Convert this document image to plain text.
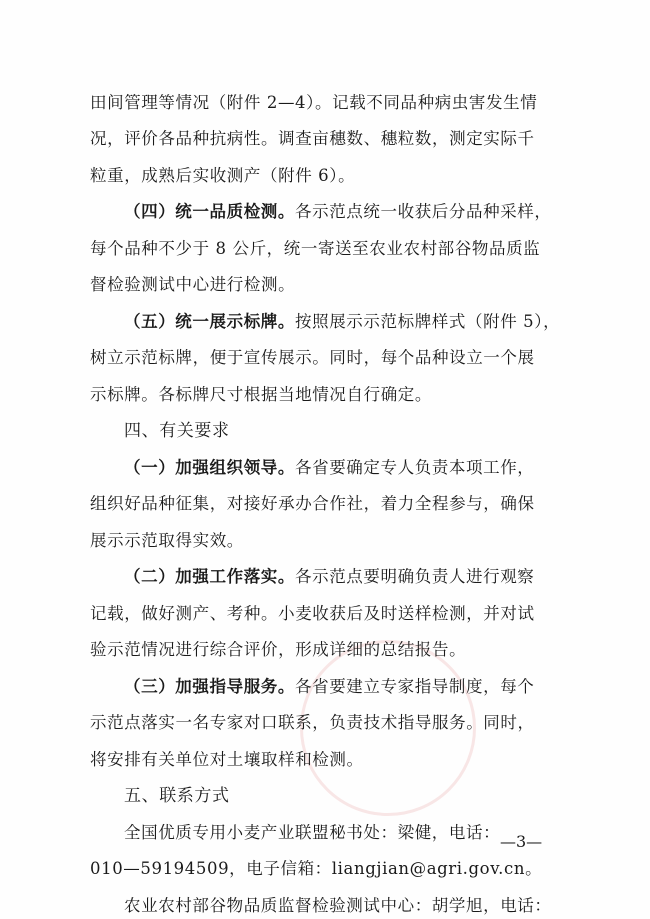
田间管理等情况（附件 2—4）。记载不同品种病虫害发生情
况，评价各品种抗病性。调查亩穗数、穗粒数，测定实际千
粒重，成熟后实收测产（附件 6）。
（四）统一品质检测。各示范点统一收获后分品种采样，
每个品种不少于 8 公斤，统一寄送至农业农村部谷物品质监
督检验测试中心进行检测。
（五）统一展示标牌。按照展示示范标牌样式（附件 5），
树立示范标牌，便于宣传展示。同时，每个品种设立一个展
示标牌。各标牌尺寸根据当地情况自行确定。
四、有关要求
（一）加强组织领导。各省要确定专人负责本项工作，
组织好品种征集，对接好承办合作社，着力全程参与，确保
展示示范取得实效。
（二）加强工作落实。各示范点要明确负责人进行观察
记载，做好测产、考种。小麦收获后及时送样检测，并对试
验示范情况进行综合评价，形成详细的总结报告。
（三）加强指导服务。各省要建立专家指导制度，每个
示范点落实一名专家对口联系，负责技术指导服务。同时，
将安排有关单位对土壤取样和检测。
五、联系方式
全国优质专用小麦产业联盟秘书处：梁健，电话：
010—59194509，电子信箱：liangjian@agri.gov.cn。
农业农村部谷物品质监督检验测试中心：胡学旭，电话：
—3—
